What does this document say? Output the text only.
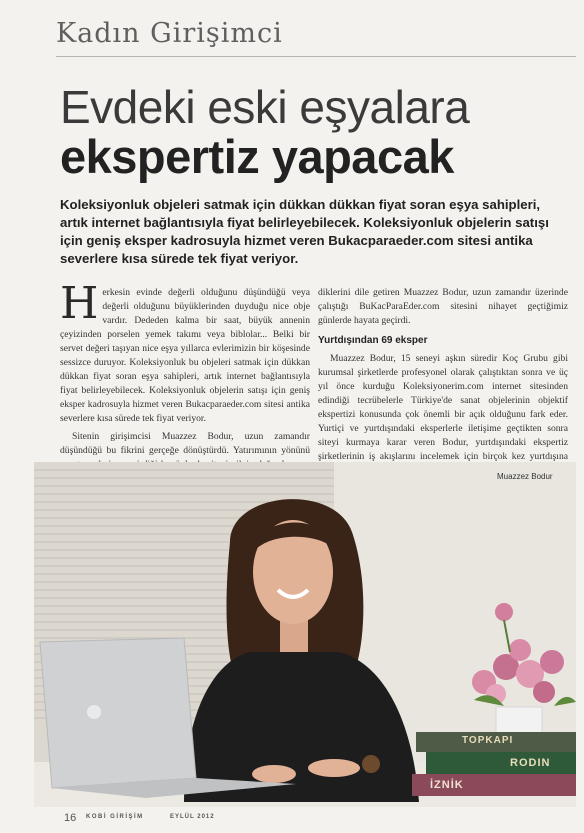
Kadın Girişimci
Evdeki eski eşyalara
ekspertiz yapacak
Koleksiyonluk objeleri satmak için dükkan dükkan fiyat soran eşya sahipleri, artık internet bağlantısıyla fiyat belirleyebilecek. Koleksiyonluk objelerin satışı için geniş eksper kadrosuyla hizmet veren Bukacparaeder.com sitesi antika severlere kısa sürede tek fiyat veriyor.

Herkesin evinde değerli olduğunu düşündüğü veya değerli olduğunu büyüklerinden duyduğu nice obje vardır. Dededen kalma bir saat, büyük annenin çeyizinden porselen yemek takımı veya biblolar... Belki bir servet değeri taşıyan nice eşya yıllarca evlerimizin bir köşesinde sessizce duruyor. Koleksiyonluk bu objeleri satmak için dükkan dükkan fiyat soran eşya sahipleri, artık internet bağlantısıyla fiyat belirleyebilecek. Koleksiyonluk objelerin satışı için geniş eksper kadrosuyla hizmet veren Bukacparaeder.com sitesi antika severlere kısa sürede tek fiyat veriyor.

Sitenin girişimcisi Muazzez Bodur, uzun zamandır düşündüğü bu fikrini gerçeğe dönüştürdü. Yatırımının yönünü

diklerini dile getiren Muazzez Bodur, uzun zamandır üzerinde çalıştığı BuKacParaEder.com sitesini nihayet geçtiğimiz günlerde hayata geçirdi.

Yurtdışından 69 eksper

Muazzez Bodur, 15 seneyi aşkın süredir Koç Grubu gibi kurumsal şirketlerde profesyonel olarak çalıştıktan sonra ve üç yıl önce kurduğu Koleksiyonerim.com internet sitesinden edindiği tecrübelerle Türkiye'de sanat objelerinin objektif ekspertizi konusunda çok önemli bir açık olduğunu fark eder. Yurtiçi ve yurtdışındaki eksperlerle iletişime geçtikten sonra siteyi kurmaya karar veren Bodur, yurtdışındaki ekspertiz şirketlerinin iş akışlarını incelemek için birçok kez yurtdışına

TOPKAPI
RODIN
İZNİK
Muazzez Bodur
16 KOBİ GİRİŞİM	EYLÜL 2012
